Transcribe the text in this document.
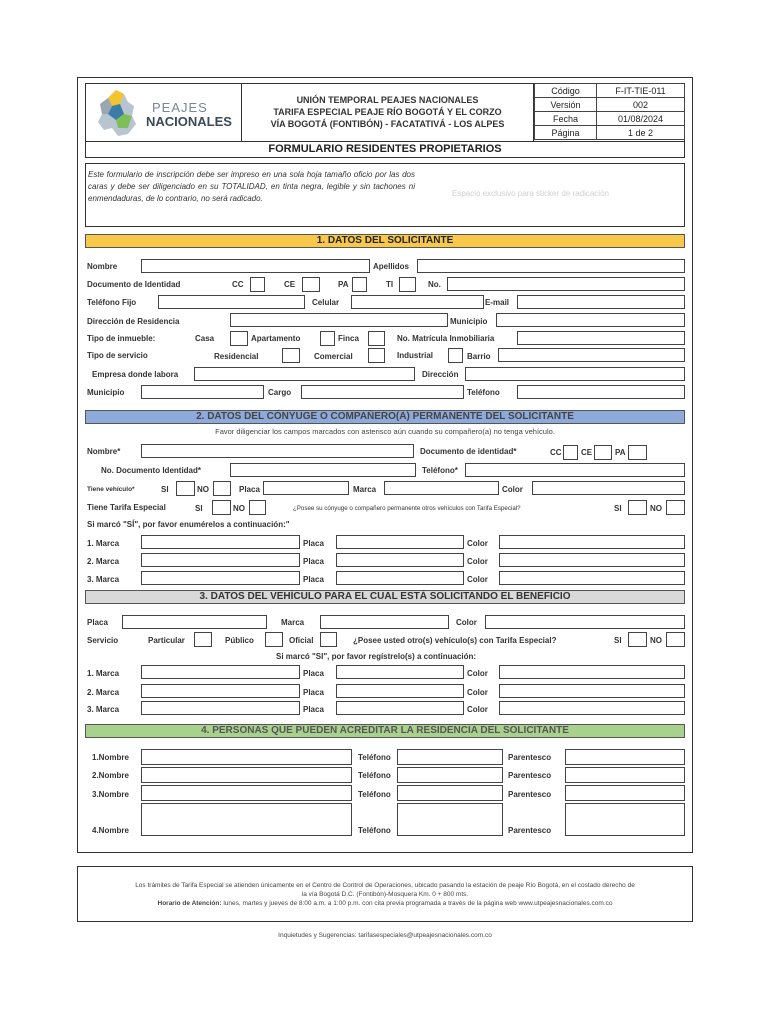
PEAJES
NACIONALES
UNIÓN TEMPORAL PEAJES NACIONALES
TARIFA ESPECIAL PEAJE RÍO BOGOTÁ Y EL CORZO
VÍA BOGOTÁ (FONTIBÓN) - FACATATIVÁ - LOS ALPES
Código	F-IT-TIE-011
Versión	002
Fecha	01/08/2024
Página	1 de 2
FORMULARIO RESIDENTES PROPIETARIOS
Este formulario de inscripción debe ser impreso en una sola hoja tamaño oficio por las dos caras y debe ser diligenciado en su TOTALIDAD, en tinta negra, legible y sin tachones ni enmendaduras, de lo contrario, no será radicado.
Espacio exclusivo para sticker de radicación
1. DATOS DEL SOLICITANTE
Nombre	Apellidos
Documento de Identidad	CC	CE	PA	TI	No.
Teléfono Fijo	Celular	E-mail
Dirección de Residencia	Municipio
Tipo de inmueble:	Casa	Apartamento	Finca	No. Matrícula Inmobiliaria
Tipo de servicio	Residencial	Comercial	Industrial	Barrio
Empresa donde labora	Dirección
Municipio	Cargo	Teléfono
2. DATOS DEL CÓNYUGE O COMPAÑERO(A) PERMANENTE DEL SOLICITANTE
Favor diligenciar los campos marcados con asterisco aún cuando su compañero(a) no tenga vehículo.
Nombre*	Documento de identidad*	CC CE	PA
No. Documento Identidad*	Teléfono*
Tiene vehículo*	SI	NO	Placa	Marca	Color
Tiene Tarifa Especial	SI	NO	¿Posee su cónyuge o compañero permanente otros vehículos con Tarifa Especial?	SI	NO
Si marcó "SÍ", por favor enumérelos a continuación:"
1. Marca	Placa	Color
2. Marca	Placa	Color
3. Marca	Placa	Color
3. DATOS DEL VEHÍCULO PARA EL CUAL ESTÁ SOLICITANDO EL BENEFICIO
Placa	Marca	Color
Servicio	Particular	Público	Oficial	¿Posee usted otro(s) vehículo(s) con Tarifa Especial?	SI	NO
Si marcó "SI", por favor regístrelo(s) a continuación:
1. Marca	Placa	Color
2. Marca	Placa	Color
3. Marca	Placa	Color
4. PERSONAS QUE PUEDEN ACREDITAR LA RESIDENCIA DEL SOLICITANTE
1.Nombre	Teléfono	Parentesco
2.Nombre	Teléfono	Parentesco
3.Nombre	Teléfono	Parentesco
4.Nombre	Teléfono	Parentesco
Los trámites de Tarifa Especial se atienden únicamente en el Centro de Control de Operaciones, ubicado pasando la estación de peaje Río Bogotá, en el costado derecho de
la vía Bogotá D.C. (Fontibón)-Mosquera Km. 0 + 800 mts.
Horario de Atención: lunes, martes y jueves de 8:00 a.m. a 1:00 p.m. con cita previa programada a través de la página web www.utpeajesnacionales.com.co
Inquietudes y Sugerencias: tarifasespeciales@utpeajesnacionales.com.co
